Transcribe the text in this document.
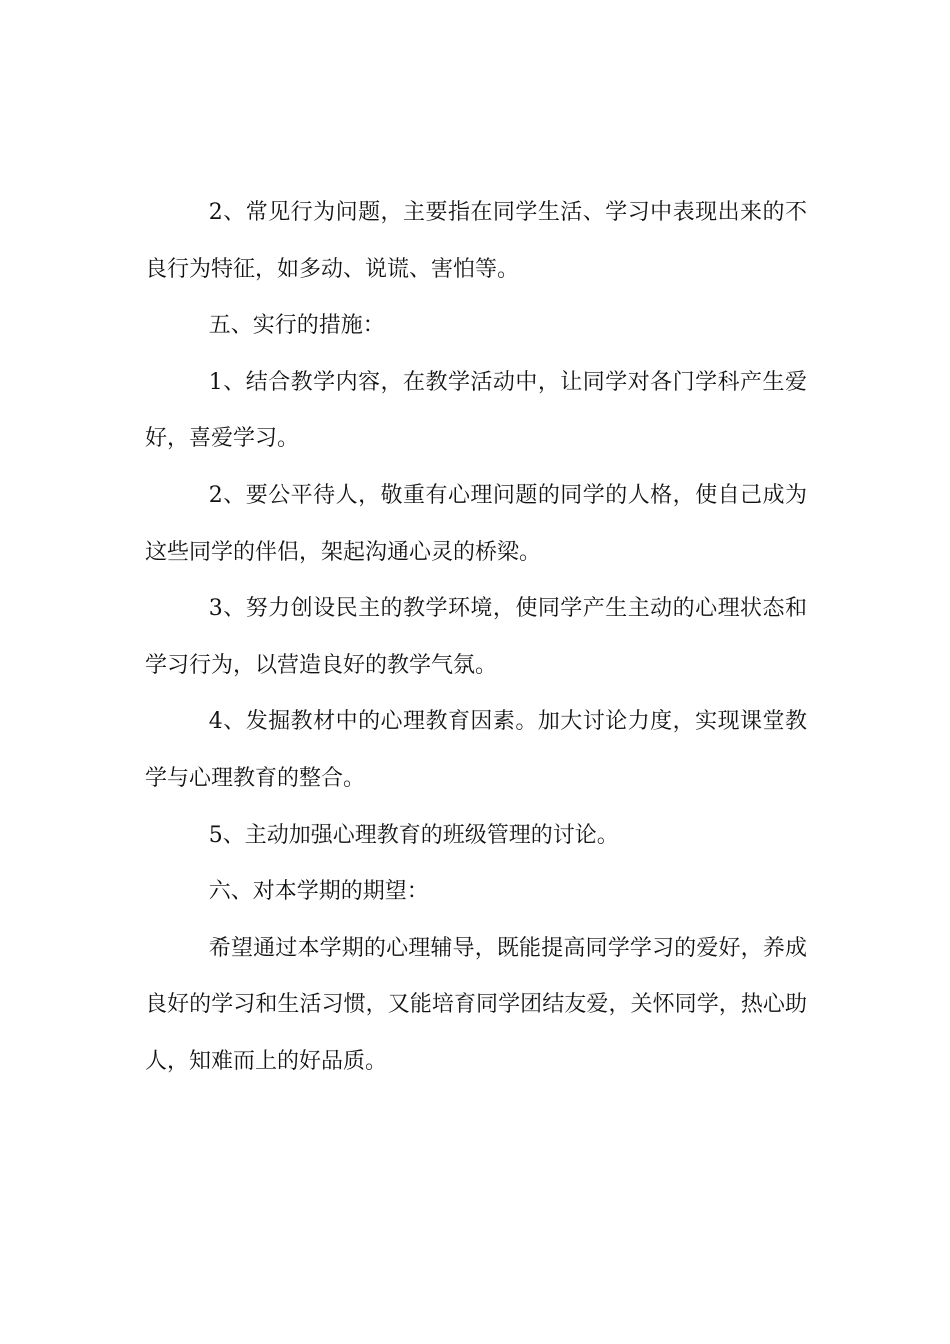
2、常见行为问题，主要指在同学生活、学习中表现出来的不良行为特征，如多动、说谎、害怕等。

五、实行的措施：

1、结合教学内容，在教学活动中，让同学对各门学科产生爱好，喜爱学习。

2、要公平待人，敬重有心理问题的同学的人格，使自己成为这些同学的伴侣，架起沟通心灵的桥梁。

3、努力创设民主的教学环境，使同学产生主动的心理状态和学习行为，以营造良好的教学气氛。

4、发掘教材中的心理教育因素。加大讨论力度，实现课堂教学与心理教育的整合。

5、主动加强心理教育的班级管理的讨论。

六、对本学期的期望：

希望通过本学期的心理辅导，既能提高同学学习的爱好，养成良好的学习和生活习惯，又能培育同学团结友爱，关怀同学，热心助人，知难而上的好品质。
